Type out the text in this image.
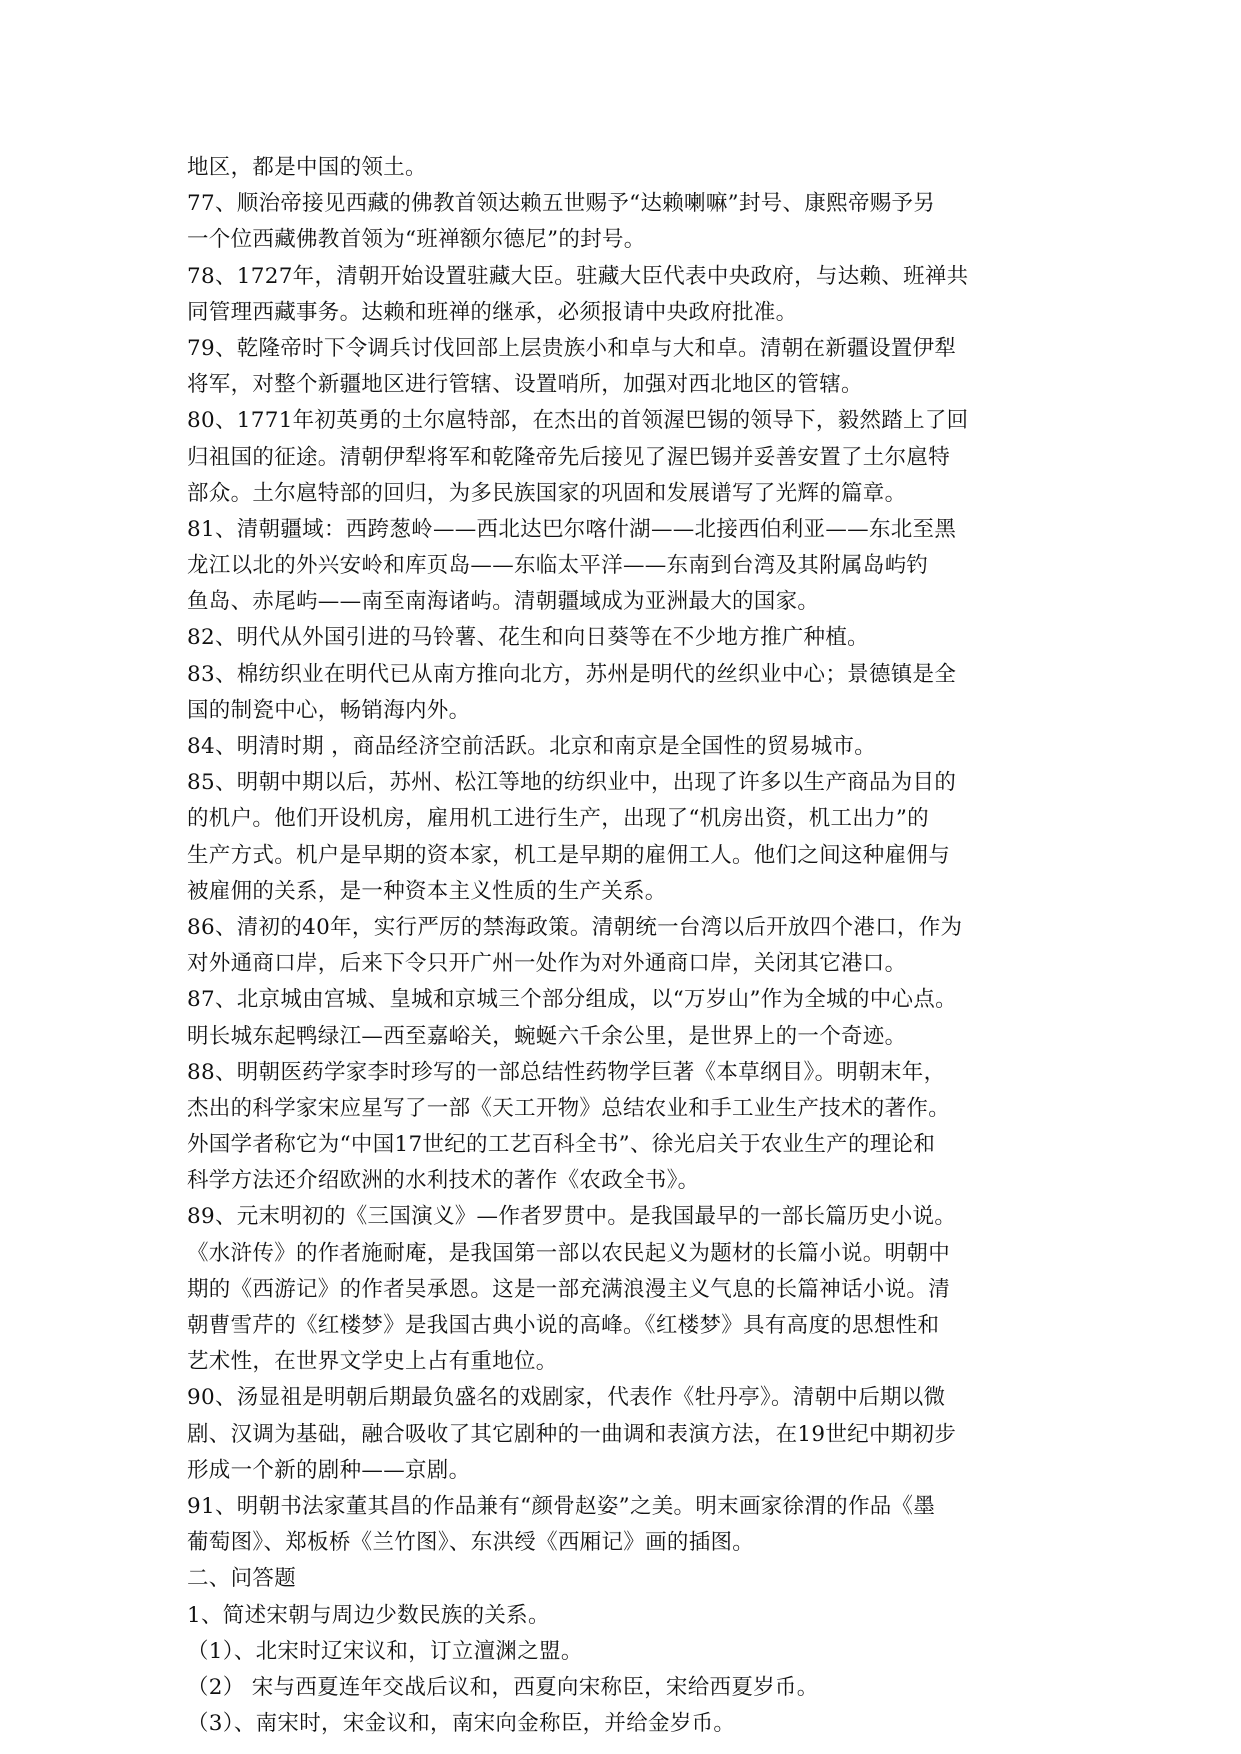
地区，都是中国的领土。
77、顺治帝接见西藏的佛教首领达赖五世赐予“达赖喇嘛”封号、康熙帝赐予另
一个位西藏佛教首领为“班禅额尔德尼”的封号。
78、1727年，清朝开始设置驻藏大臣。驻藏大臣代表中央政府，与达赖、班禅共
同管理西藏事务。达赖和班禅的继承，必须报请中央政府批准。
79、乾隆帝时下令调兵讨伐回部上层贵族小和卓与大和卓。清朝在新疆设置伊犁
将军，对整个新疆地区进行管辖、设置哨所，加强对西北地区的管辖。
80、1771年初英勇的土尔扈特部，在杰出的首领渥巴锡的领导下，毅然踏上了回
归祖国的征途。清朝伊犁将军和乾隆帝先后接见了渥巴锡并妥善安置了土尔扈特
部众。土尔扈特部的回归，为多民族国家的巩固和发展谱写了光辉的篇章。
81、清朝疆域：西跨葱岭——西北达巴尔喀什湖——北接西伯利亚——东北至黑
龙江以北的外兴安岭和库页岛——东临太平洋——东南到台湾及其附属岛屿钓
鱼岛、赤尾屿——南至南海诸屿。清朝疆域成为亚洲最大的国家。
82、明代从外国引进的马铃薯、花生和向日葵等在不少地方推广种植。
83、棉纺织业在明代已从南方推向北方，苏州是明代的丝织业中心；景德镇是全
国的制瓷中心，畅销海内外。
84、明清时期 ，商品经济空前活跃。北京和南京是全国性的贸易城市。
85、明朝中期以后，苏州、松江等地的纺织业中，出现了许多以生产商品为目的
的机户。他们开设机房，雇用机工进行生产，出现了“机房出资，机工出力”的
生产方式。机户是早期的资本家，机工是早期的雇佣工人。他们之间这种雇佣与
被雇佣的关系，是一种资本主义性质的生产关系。
86、清初的40年，实行严厉的禁海政策。清朝统一台湾以后开放四个港口，作为
对外通商口岸，后来下令只开广州一处作为对外通商口岸，关闭其它港口。
87、北京城由宫城、皇城和京城三个部分组成，以“万岁山”作为全城的中心点。
明长城东起鸭绿江—西至嘉峪关，蜿蜒六千余公里，是世界上的一个奇迹。
88、明朝医药学家李时珍写的一部总结性药物学巨著《本草纲目》。明朝末年，
杰出的科学家宋应星写了一部《天工开物》总结农业和手工业生产技术的著作。
外国学者称它为“中国17世纪的工艺百科全书”、徐光启关于农业生产的理论和
科学方法还介绍欧洲的水利技术的著作《农政全书》。
89、元末明初的《三国演义》—作者罗贯中。是我国最早的一部长篇历史小说。
《水浒传》的作者施耐庵，是我国第一部以农民起义为题材的长篇小说。明朝中
期的《西游记》的作者吴承恩。这是一部充满浪漫主义气息的长篇神话小说。清
朝曹雪芹的《红楼梦》是我国古典小说的高峰。《红楼梦》具有高度的思想性和
艺术性，在世界文学史上占有重地位。
90、汤显祖是明朝后期最负盛名的戏剧家，代表作《牡丹亭》。清朝中后期以微
剧、汉调为基础，融合吸收了其它剧种的一曲调和表演方法，在19世纪中期初步
形成一个新的剧种——京剧。
91、明朝书法家董其昌的作品兼有“颜骨赵姿”之美。明末画家徐渭的作品《墨
葡萄图》、郑板桥《兰竹图》、东洪绶《西厢记》画的插图。
二、问答题
1、简述宋朝与周边少数民族的关系。
（1）、北宋时辽宋议和，订立澶渊之盟。
（2） 宋与西夏连年交战后议和，西夏向宋称臣，宋给西夏岁币。
（3）、南宋时，宋金议和，南宋向金称臣，并给金岁币。
